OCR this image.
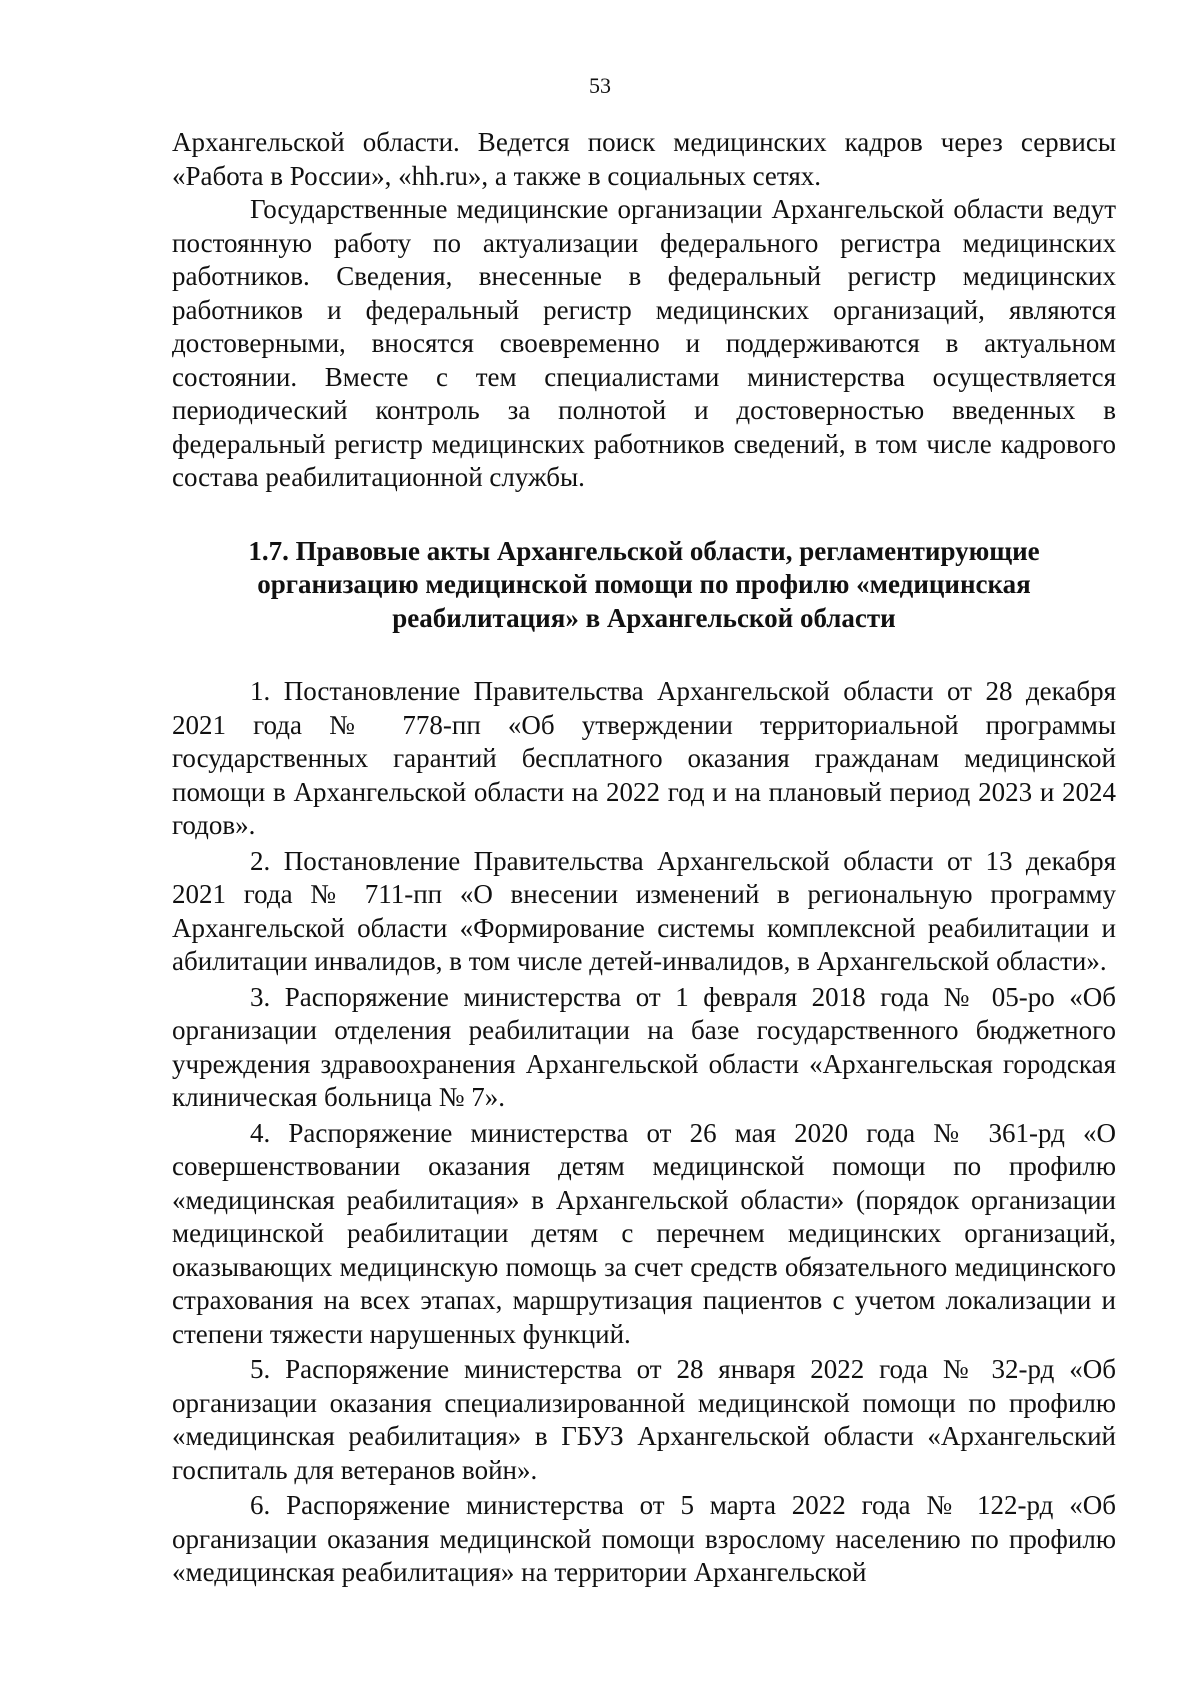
53

Архангельской области. Ведется поиск медицинских кадров через сервисы «Работа в России», «hh.ru», а также в социальных сетях.

Государственные медицинские организации Архангельской области ведут постоянную работу по актуализации федерального регистра медицинских работников. Сведения, внесенные в федеральный регистр медицинских работников и федеральный регистр медицинских организаций, являются достоверными, вносятся своевременно и поддерживаются в актуальном состоянии. Вместе с тем специалистами министерства осуществляется периодический контроль за полнотой и достоверностью введенных в федеральный регистр медицинских работников сведений, в том числе кадрового состава реабилитационной службы.

1.7. Правовые акты Архангельской области, регламентирующие
организацию медицинской помощи по профилю «медицинская
реабилитация» в Архангельской области

1. Постановление Правительства Архангельской области от 28 декабря 2021 года № 778-пп «Об утверждении территориальной программы государственных гарантий бесплатного оказания гражданам медицинской помощи в Архангельской области на 2022 год и на плановый период 2023 и 2024 годов».

2. Постановление Правительства Архангельской области от 13 декабря 2021 года № 711-пп «О внесении изменений в региональную программу Архангельской области «Формирование системы комплексной реабилитации и абилитации инвалидов, в том числе детей-инвалидов, в Архангельской области».

3. Распоряжение министерства от 1 февраля 2018 года № 05-ро «Об организации отделения реабилитации на базе государственного бюджетного учреждения здравоохранения Архангельской области «Архангельская городская клиническая больница № 7».

4. Распоряжение министерства от 26 мая 2020 года № 361-рд «О совершенствовании оказания детям медицинской помощи по профилю «медицинская реабилитация» в Архангельской области» (порядок организации медицинской реабилитации детям с перечнем медицинских организаций, оказывающих медицинскую помощь за счет средств обязательного медицинского страхования на всех этапах, маршрутизация пациентов с учетом локализации и степени тяжести нарушенных функций.

5. Распоряжение министерства от 28 января 2022 года № 32-рд «Об организации оказания специализированной медицинской помощи по профилю «медицинская реабилитация» в ГБУЗ Архангельской области «Архангельский госпиталь для ветеранов войн».

6. Распоряжение министерства от 5 марта 2022 года № 122-рд «Об организации оказания медицинской помощи взрослому населению по профилю «медицинская реабилитация» на территории Архангельской
